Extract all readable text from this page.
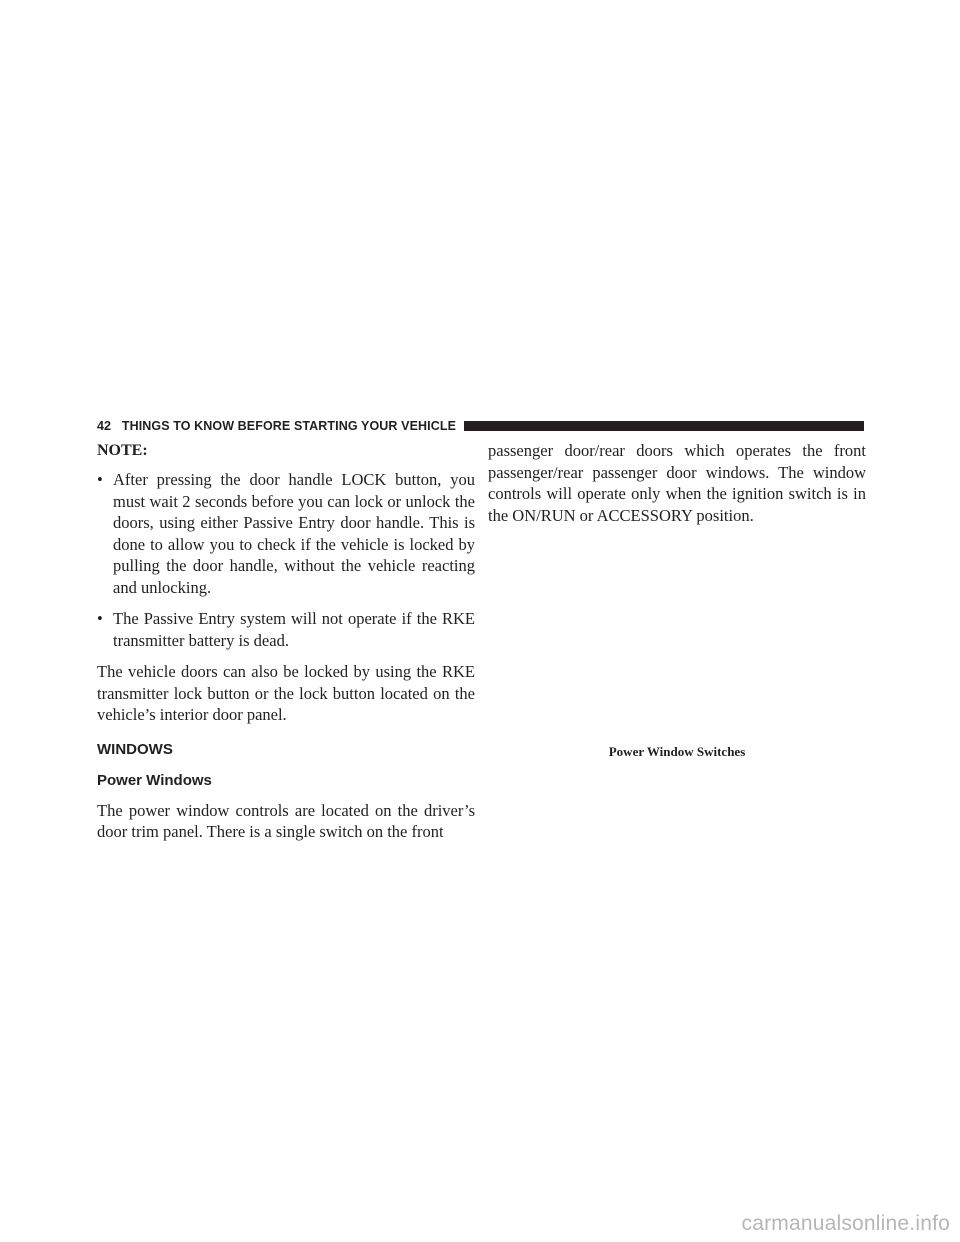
42 THINGS TO KNOW BEFORE STARTING YOUR VEHICLE
NOTE:
• After pressing the door handle LOCK button, you must wait 2 seconds before you can lock or unlock the doors, using either Passive Entry door handle. This is done to allow you to check if the vehicle is locked by pulling the door handle, without the vehicle reacting and unlocking.

• The Passive Entry system will not operate if the RKE transmitter battery is dead.

The vehicle doors can also be locked by using the RKE transmitter lock button or the lock button located on the vehicle’s interior door panel.

WINDOWS
Power Windows

The power window controls are located on the driver’s door trim panel. There is a single switch on the front

passenger door/rear doors which operates the front passenger/rear passenger door windows. The window controls will operate only when the ignition switch is in the ON/RUN or ACCESSORY position.

Power Window Switches
carmanualsonline.info
